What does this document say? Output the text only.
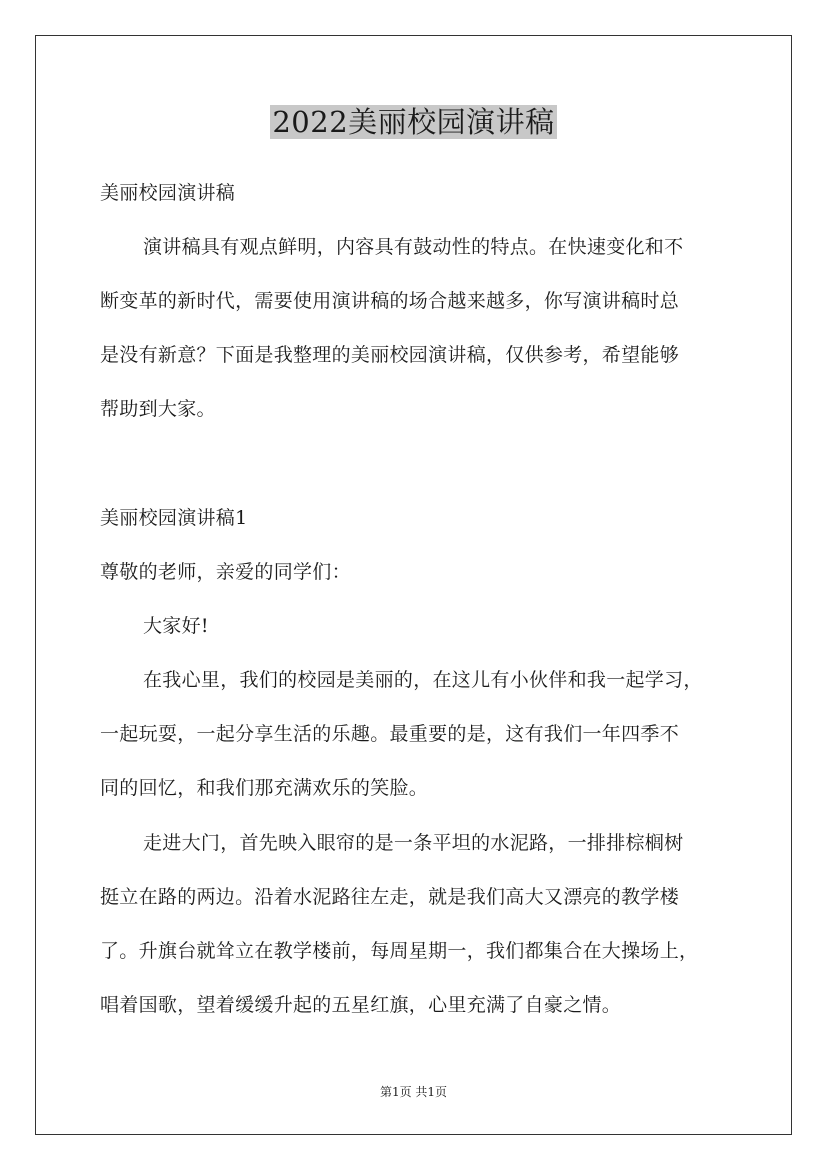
2022美丽校园演讲稿
美丽校园演讲稿
演讲稿具有观点鲜明，内容具有鼓动性的特点。在快速变化和不
断变革的新时代，需要使用演讲稿的场合越来越多，你写演讲稿时总
是没有新意？下面是我整理的美丽校园演讲稿，仅供参考，希望能够
帮助到大家。
美丽校园演讲稿1
尊敬的老师，亲爱的同学们：
大家好!
在我心里，我们的校园是美丽的，在这儿有小伙伴和我一起学习，
一起玩耍，一起分享生活的乐趣。最重要的是，这有我们一年四季不
同的回忆，和我们那充满欢乐的笑脸。
走进大门，首先映入眼帘的是一条平坦的水泥路，一排排棕榈树
挺立在路的两边。沿着水泥路往左走，就是我们高大又漂亮的教学楼
了。升旗台就耸立在教学楼前，每周星期一，我们都集合在大操场上，
唱着国歌，望着缓缓升起的五星红旗，心里充满了自豪之情。
第1页 共1页
